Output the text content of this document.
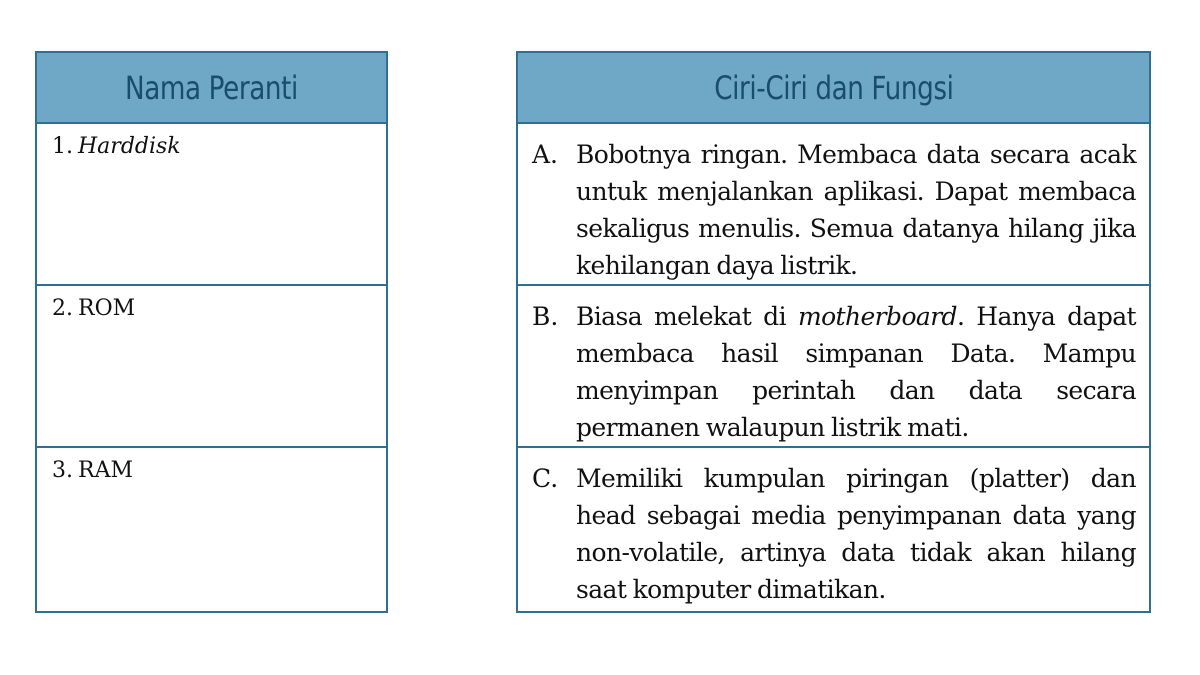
Nama Peranti
1. Harddisk
2. ROM
3. RAM
Ciri-Ciri dan Fungsi
A. Bobotnya ringan. Membaca data secara acak untuk menjalankan aplikasi. Dapat membaca sekaligus menulis. Semua datanya hilang jika kehilangan daya listrik.
B. Biasa melekat di motherboard. Hanya dapat membaca hasil simpanan Data. Mampu menyimpan perintah dan data secara permanen walaupun listrik mati.
C. Memiliki kumpulan piringan (platter) dan head sebagai media penyimpanan data yang non-volatile, artinya data tidak akan hilang saat komputer dimatikan.
